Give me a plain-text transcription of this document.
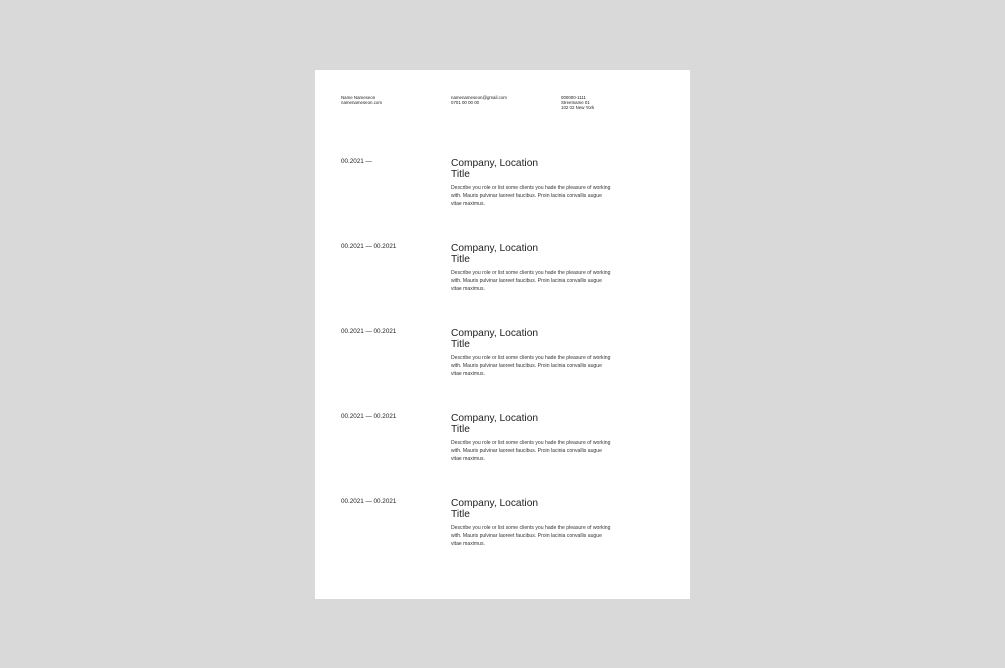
Name Nameseon
namenameseon.com
namenameseon@gmail.com
0701 00 00 00
000000-1111
Streetname 01
102 02 New York
00.2021 —	Company, Location
Title
Describe you role or list some clients you hade the pleasure of working with. Mauris pulvinar laoreet faucibus. Proin lacinia convallis augue vitae maximus.
00.2021 — 00.2021	Company, Location
Title
Describe you role or list some clients you hade the pleasure of working with. Mauris pulvinar laoreet faucibus. Proin lacinia convallis augue vitae maximus.
00.2021 — 00.2021	Company, Location
Title
Describe you role or list some clients you hade the pleasure of working with. Mauris pulvinar laoreet faucibus. Proin lacinia convallis augue vitae maximus.
00.2021 — 00.2021	Company, Location
Title
Describe you role or list some clients you hade the pleasure of working with. Mauris pulvinar laoreet faucibus. Proin lacinia convallis augue vitae maximus.
00.2021 — 00.2021	Company, Location
Title
Describe you role or list some clients you hade the pleasure of working with. Mauris pulvinar laoreet faucibus. Proin lacinia convallis augue vitae maximus.
